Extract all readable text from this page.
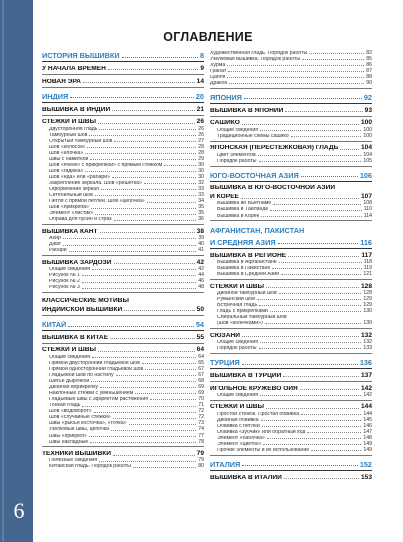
6
ОГЛАВЛЕНИЕ
ИСТОРИЯ ВЫШИВКИ	8
У НАЧАЛА ВРЕМЕН	9
НОВАЯ ЭРА	14
ИНДИЯ	20
ВЫШИВКА В ИНДИИ	21
СТЕЖКИ И ШВЫ	26
Двусторонняя гладь	26
Тамбурный шов	26
Открытый тамбурный шов	27
Шов «колосок»	28
Шов «елочка»	28
Швы с намиткой	29
Шов «ячеек» с прикрепкой» с прямым стежком	30
Шов «гадюка»	30
Шов «еда» или «рабари»	30
Закрепление зеркала. Шов «решетка»	32
Оформление зеркал	33
Сетебильный шов	33
Петля с прямой петлей. Шов «цепочка»	34
Шов «прикрепа»	35
Элемент «листик»	35
Оправа для бусин и страз	36
ВЫШИВКА КАНТ	38
Ахир	39
Джат	40
Рабари	41
ВЫШИВКА ЗАРДОЗИ	42
Общие сведения	42
Рисунок № 1	44
Рисунок № 2	46
Рисунок № 3	48
КЛАССИЧЕСКИЕ МОТИВЫ
ИНДИЙСКОЙ ВЫШИВКИ	50
КИТАЙ	54
ВЫШИВКА В КИТАЕ	55
СТЕЖКИ И ШВЫ	64
Общие сведения	64
Прямой двусторонний гладьевой шов	65
Прямой односторонний гладьевой шов	67
Гладьевой шов по настилу	67
Шитье дырочкой	68
Двойная вприкрепку	69
Наклонные стежки с уменьшением	69
Гладьевые швы с эффектом растяжения	70
Тонкая гладь	71
Шов «водоворот»	72
Шов «случайные стежки»	72
Швы «рыбья косточка», «точка»	73
Узелковые швы, цепочка	74
Швы «прикреп»	77
Швы накладные	78
ТЕХНИКИ ВЫШИВКИ	79
Полезные сведения	79
Китайская гладь. Порядок работы	80
Художественная гладь. Порядок работы	82
Узелковая вышивка. Порядок работы	85
Хурма	86
Гранат	87
Цапля	88
Дракон	90
ЯПОНИЯ	92
ВЫШИВКА В ЯПОНИИ	93
САШИКО	100
Общие сведения	100
Традиционные схемы сашико	100
ЯПОНСКАЯ (ПЕРЕСТЕЖКОВАЯ) ГЛАДЬ	104
Цвет элементов	104
Порядок работы	105
ЮГО-ВОСТОЧНАЯ АЗИЯ	106
ВЫШИВКА В ЮГО-ВОСТОЧНОЙ АЗИИ
И КОРЕЕ	107
Вышивка во Вьетнаме	108
Вышивка в Таиланде	110
Вышивка в Корее	114
АФГАНИСТАН, ПАКИСТАН
И СРЕДНЯЯ АЗИЯ	116
ВЫШИВКА В РЕГИОНЕ	117
Вышивка в Афганистане	118
Вышивка в Пакистане	119
Вышивка в Средней Азии	121
СТЕЖКИ И ШВЫ	128
Двойной тамбурный шов	128
Румынский шов	129
Встречная гладь	129
Гладь с прикрепками	130
Спиральный тамбурный шов
(шов «колечками»)	130
СЮЗАНИ	132
Общие сведения	132
Порядок работы	133
ТУРЦИЯ	136
ВЫШИВКА В ТУРЦИИ	137
ИГОЛЬНОЕ КРУЖЕВО ОЙЯ	142
Общие сведения	142
СТЕЖКИ И ШВЫ	144
Простой стежок. Простая обвивка	144
Двойная обвивка	145
Обвивка с петлей	146
Обвивка «зубчик» или обратный ход	147
Элемент «бабочка»	148
Элемент «цветок»	149
Прочие элементы и их использование	149
ИТАЛИЯ	152
ВЫШИВКА В ИТАЛИИ	153
